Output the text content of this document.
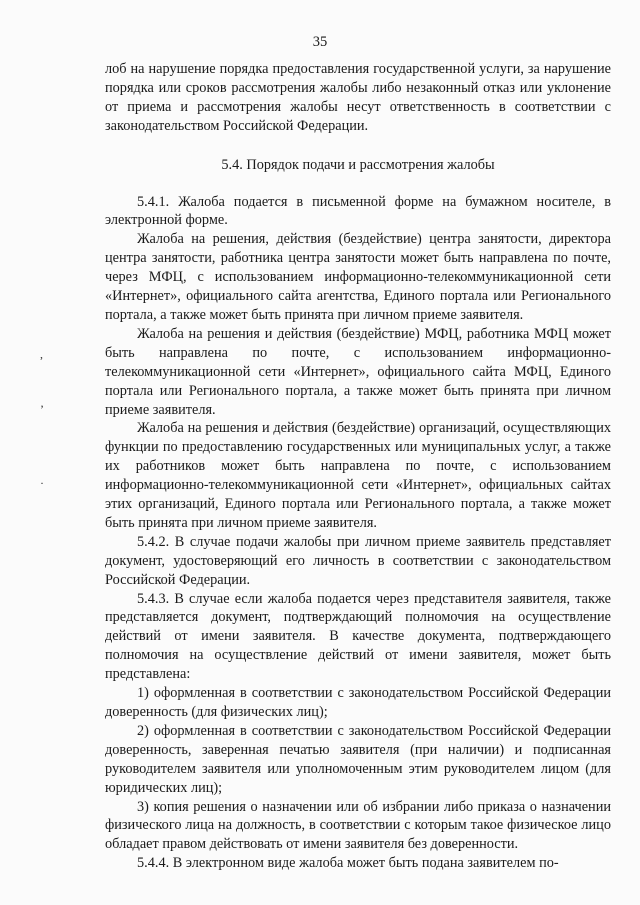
35
,
’
·

лоб на нарушение порядка предоставления государственной услуги, за нарушение порядка или сроков рассмотрения жалобы либо незаконный отказ или уклонение от приема и рассмотрения жалобы несут ответственность в соответствии с законодательством Российской Федерации.

5.4. Порядок подачи и рассмотрения жалобы

5.4.1. Жалоба подается в письменной форме на бумажном носителе, в электронной форме.

Жалоба на решения, действия (бездействие) центра занятости, директора центра занятости, работника центра занятости может быть направлена по почте, через МФЦ, с использованием информационно-телекоммуникационной сети «Интернет», официального сайта агентства, Единого портала или Регионального портала, а также может быть принята при личном приеме заявителя.

Жалоба на решения и действия (бездействие) МФЦ, работника МФЦ может быть направлена по почте, с использованием информационно-телекоммуникационной сети «Интернет», официального сайта МФЦ, Единого портала или Регионального портала, а также может быть принята при личном приеме заявителя.

Жалоба на решения и действия (бездействие) организаций, осуществляющих функции по предоставлению государственных или муниципальных услуг, а также их работников может быть направлена по почте, с использованием информационно-телекоммуникационной сети «Интернет», официальных сайтах этих организаций, Единого портала или Регионального портала, а также может быть принята при личном приеме заявителя.

5.4.2. В случае подачи жалобы при личном приеме заявитель представляет документ, удостоверяющий его личность в соответствии с законодательством Российской Федерации.

5.4.3. В случае если жалоба подается через представителя заявителя, также представляется документ, подтверждающий полномочия на осуществление действий от имени заявителя. В качестве документа, подтверждающего полномочия на осуществление действий от имени заявителя, может быть представлена:

1) оформленная в соответствии с законодательством Российской Федерации доверенность (для физических лиц);

2) оформленная в соответствии с законодательством Российской Федерации доверенность, заверенная печатью заявителя (при наличии) и подписанная руководителем заявителя или уполномоченным этим руководителем лицом (для юридических лиц);

3) копия решения о назначении или об избрании либо приказа о назначении физического лица на должность, в соответствии с которым такое физическое лицо обладает правом действовать от имени заявителя без доверенности.

5.4.4. В электронном виде жалоба может быть подана заявителем по-
